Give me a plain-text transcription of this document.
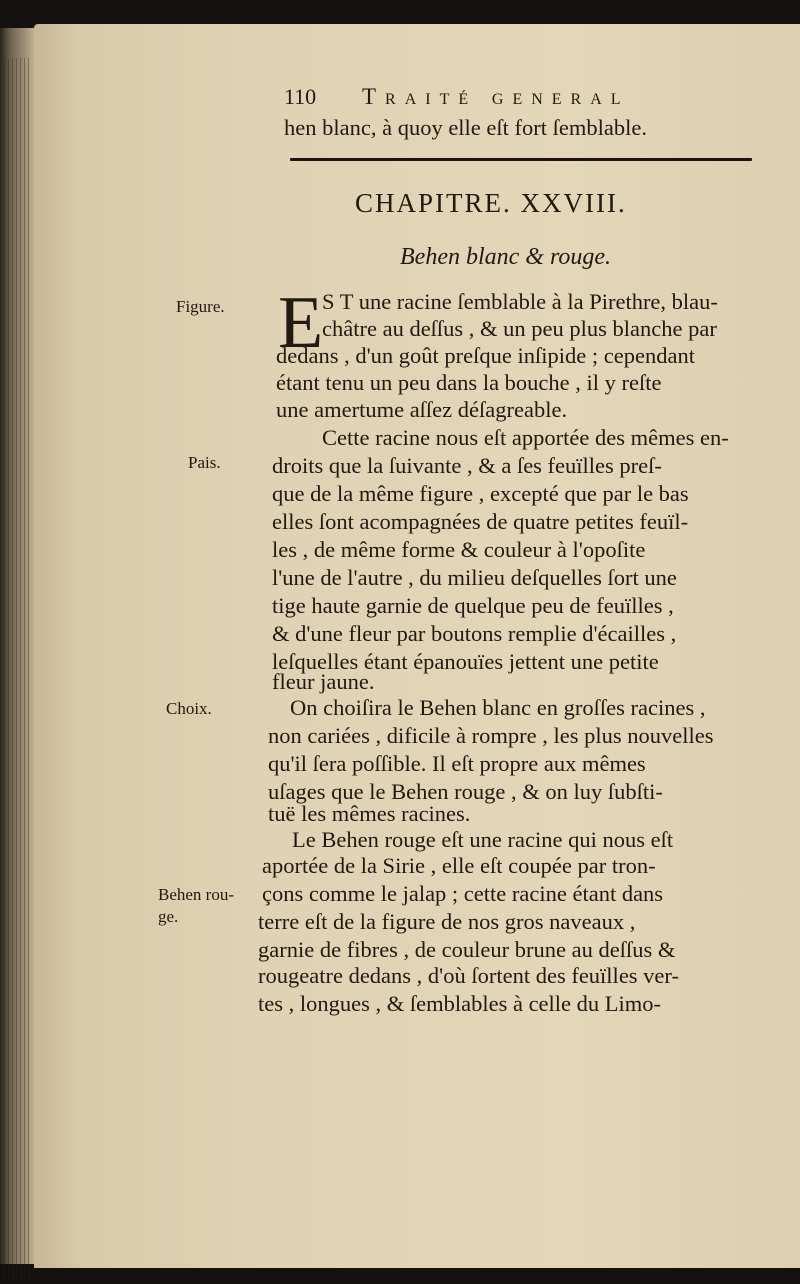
110 Traité general
hen blanc, à quoy elle eſt fort ſemblable.
CHAPITRE. XXVIII.
Behen blanc & rouge.
Figure.
Pais.
Choix.
Behen rou-
ge.
E
S T une racine ſemblable à la Pirethre, blau-
châtre au deſſus , & un peu plus blanche par
dedans , d'un goût preſque inſipide ; cependant
étant tenu un peu dans la bouche , il y reſte
une amertume aſſez déſagreable.
Cette racine nous eſt apportée des mêmes en-
droits que la ſuivante , & a ſes feuïlles preſ-
que de la même figure , excepté que par le bas
elles ſont acompagnées de quatre petites feuïl-
les , de même forme & couleur à l'opoſite
l'une de l'autre , du milieu deſquelles ſort une
tige haute garnie de quelque peu de feuïlles ,
& d'une fleur par boutons remplie d'écailles ,
leſquelles étant épanouïes jettent une petite
fleur jaune.
On choiſira le Behen blanc en groſſes racines ,
non cariées , dificile à rompre , les plus nouvelles
qu'il ſera poſſible. Il eſt propre aux mêmes
uſages que le Behen rouge , & on luy ſubſti-
tuë les mêmes racines.
Le Behen rouge eſt une racine qui nous eſt
aportée de la Sirie , elle eſt coupée par tron-
çons comme le jalap ; cette racine étant dans
terre eſt de la figure de nos gros naveaux ,
garnie de fibres , de couleur brune au deſſus &
rougeatre dedans , d'où ſortent des feuïlles ver-
tes , longues , & ſemblables à celle du Limo-
